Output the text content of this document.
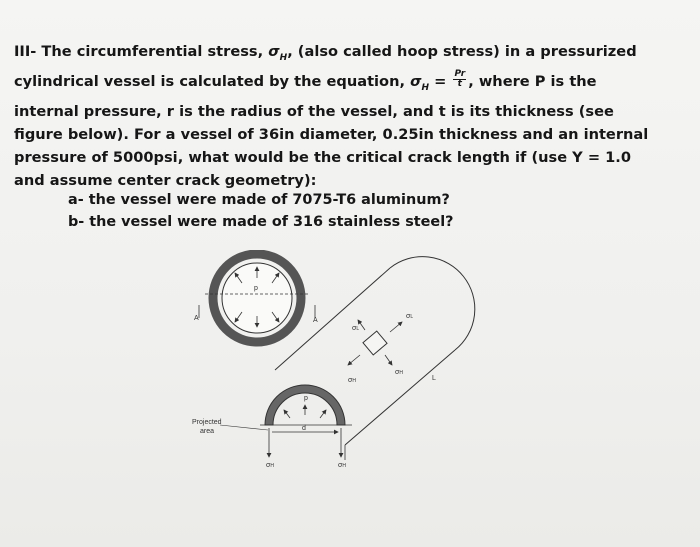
III- The circumferential stress, $\sigma_H$, (also called hoop stress) in a pressurized cylindrical vessel is calculated by the equation, $\sigma_H = \frac{Pr}{t}$ , where P is the internal pressure, r is the radius of the vessel, and t is its thickness (see figure below). For a vessel of 36in diameter, 0.25in thickness and an internal pressure of 5000psi, what would be the critical crack length if (use Y = 1.0 and assume center crack geometry):

a- the vessel were made of 7075-T6 aluminum?
b- the vessel were made of 316 stainless steel?
p
A	A
σL
σL
σH
σH	L
p
d
Projected
area
σH	σH
